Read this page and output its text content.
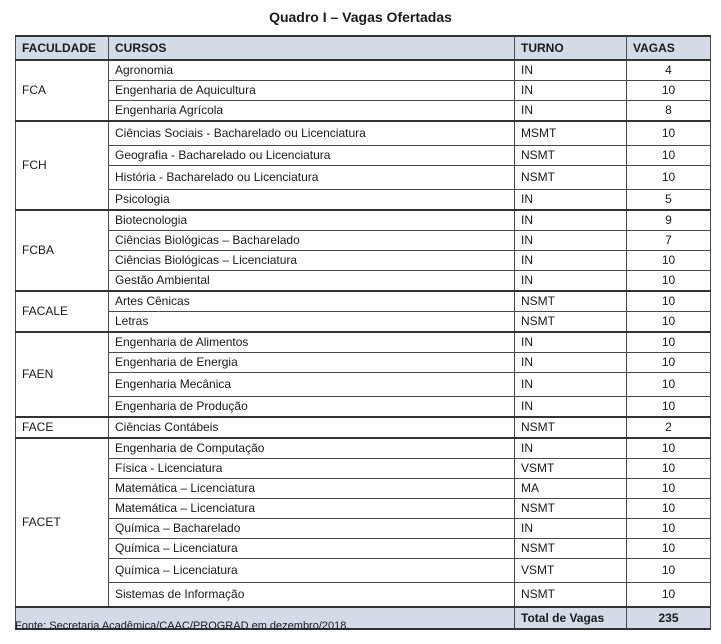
Quadro I – Vagas Ofertadas
FACULDADE	CURSOS	TURNO	VAGAS
FCA	Agronomia	IN	4
	Engenharia de Aquicultura	IN	10
	Engenharia Agrícola	IN	8
FCH	Ciências Sociais - Bacharelado ou Licenciatura	MSMT	10
	Geografia - Bacharelado ou Licenciatura	NSMT	10
	História - Bacharelado ou Licenciatura	NSMT	10
	Psicologia	IN	5
FCBA	Biotecnologia	IN	9
	Ciências Biológicas – Bacharelado	IN	7
	Ciências Biológicas – Licenciatura	IN	10
	Gestão Ambiental	IN	10
FACALE	Artes Cênicas	NSMT	10
	Letras	NSMT	10
FAEN	Engenharia de Alimentos	IN	10
	Engenharia de Energia	IN	10
	Engenharia Mecânica	IN	10
	Engenharia de Produção	IN	10
FACE	Ciências Contábeis	NSMT	2
FACET	Engenharia de Computação	IN	10
	Física - Licenciatura	VSMT	10
	Matemática – Licenciatura	MA	10
	Matemática – Licenciatura	NSMT	10
	Química – Bacharelado	IN	10
	Química – Licenciatura	NSMT	10
	Química – Licenciatura	VSMT	10
	Sistemas de Informação	NSMT	10
		Total de Vagas	235
Fonte: Secretaria Acadêmica/CAAC/PROGRAD em dezembro/2018.
